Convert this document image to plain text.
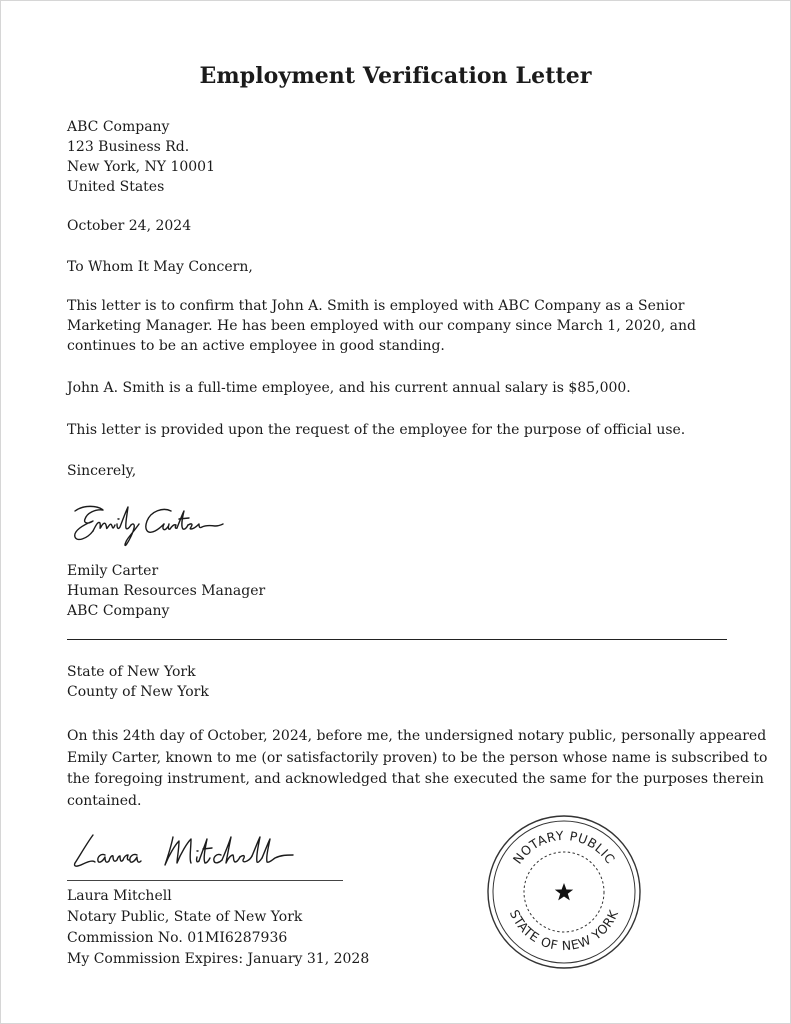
Employment Verification Letter
ABC Company
123 Business Rd.
New York, NY 10001
United States
October 24, 2024
To Whom It May Concern,
This letter is to confirm that John A. Smith is employed with ABC Company as a Senior
Marketing Manager. He has been employed with our company since March 1, 2020, and
continues to be an active employee in good standing.
John A. Smith is a full-time employee, and his current annual salary is $85,000.
This letter is provided upon the request of the employee for the purpose of official use.
Sincerely,
Emily Carter
Human Resources Manager
ABC Company
State of New York
County of New York
On this 24th day of October, 2024, before me, the undersigned notary public, personally appeared
Emily Carter, known to me (or satisfactorily proven) to be the person whose name is subscribed to
the foregoing instrument, and acknowledged that she executed the same for the purposes therein
contained.
Laura Mitchell
Notary Public, State of New York
Commission No. 01MI6287936
My Commission Expires: January 31, 2028
NOTARY PUBLIC
STATE OF NEW YORK
